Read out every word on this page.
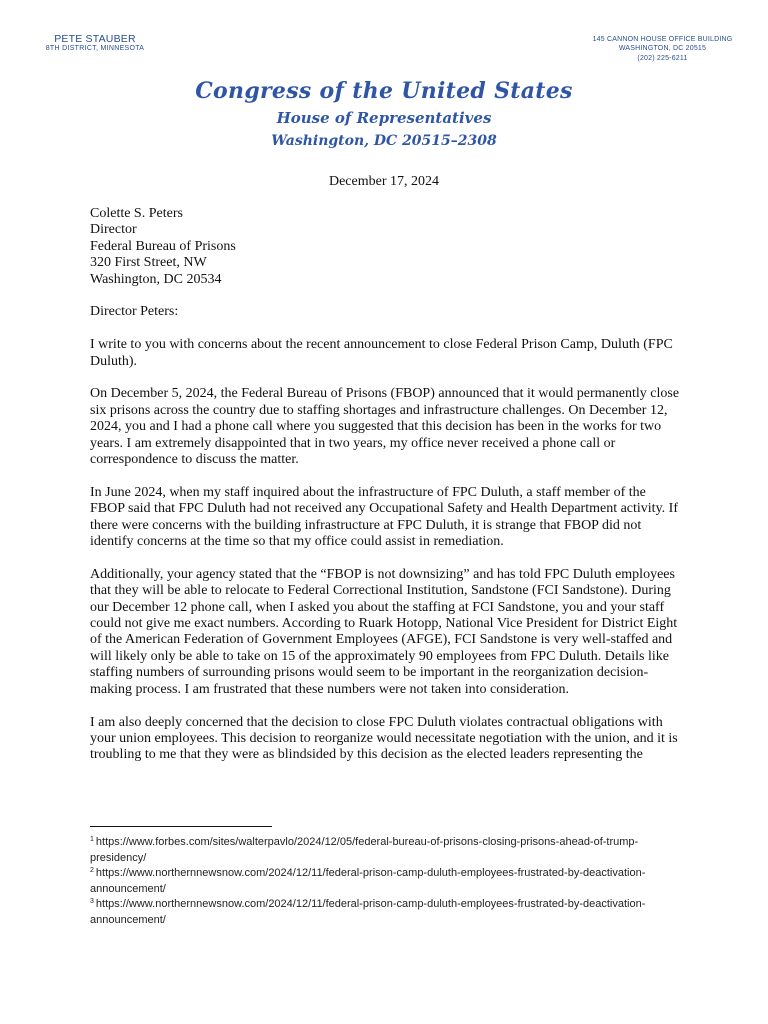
PETE STAUBER
8TH DISTRICT, MINNESOTA
145 CANNON HOUSE OFFICE BUILDING
WASHINGTON, DC 20515
(202) 225-6211
Congress of the United States
House of Representatives
Washington, DC 20515–2308
December 17, 2024
Colette S. Peters
Director
Federal Bureau of Prisons
320 First Street, NW
Washington, DC 20534

Director Peters:

I write to you with concerns about the recent announcement to close Federal Prison Camp, Duluth (FPC Duluth).

On December 5, 2024, the Federal Bureau of Prisons (FBOP) announced that it would permanently close six prisons across the country due to staffing shortages and infrastructure challenges. On December 12, 2024, you and I had a phone call where you suggested that this decision has been in the works for two years. I am extremely disappointed that in two years, my office never received a phone call or correspondence to discuss the matter.

In June 2024, when my staff inquired about the infrastructure of FPC Duluth, a staff member of the FBOP said that FPC Duluth had not received any Occupational Safety and Health Department activity. If there were concerns with the building infrastructure at FPC Duluth, it is strange that FBOP did not identify concerns at the time so that my office could assist in remediation.

Additionally, your agency stated that the “FBOP is not downsizing” and has told FPC Duluth employees that they will be able to relocate to Federal Correctional Institution, Sandstone (FCI Sandstone). During our December 12 phone call, when I asked you about the staffing at FCI Sandstone, you and your staff could not give me exact numbers. According to Ruark Hotopp, National Vice President for District Eight of the American Federation of Government Employees (AFGE), FCI Sandstone is very well-staffed and will likely only be able to take on 15 of the approximately 90 employees from FPC Duluth. Details like staffing numbers of surrounding prisons would seem to be important in the reorganization decision-making process. I am frustrated that these numbers were not taken into consideration.

I am also deeply concerned that the decision to close FPC Duluth violates contractual obligations with your union employees. This decision to reorganize would necessitate negotiation with the union, and it is troubling to me that they were as blindsided by this decision as the elected leaders representing the

$^1$ https://www.forbes.com/sites/walterpavlo/2024/12/05/federal-bureau-of-prisons-closing-prisons-ahead-of-trump-presidency/
$^2$ https://www.northernnewsnow.com/2024/12/11/federal-prison-camp-duluth-employees-frustrated-by-deactivation-announcement/
$^3$ https://www.northernnewsnow.com/2024/12/11/federal-prison-camp-duluth-employees-frustrated-by-deactivation-announcement/
